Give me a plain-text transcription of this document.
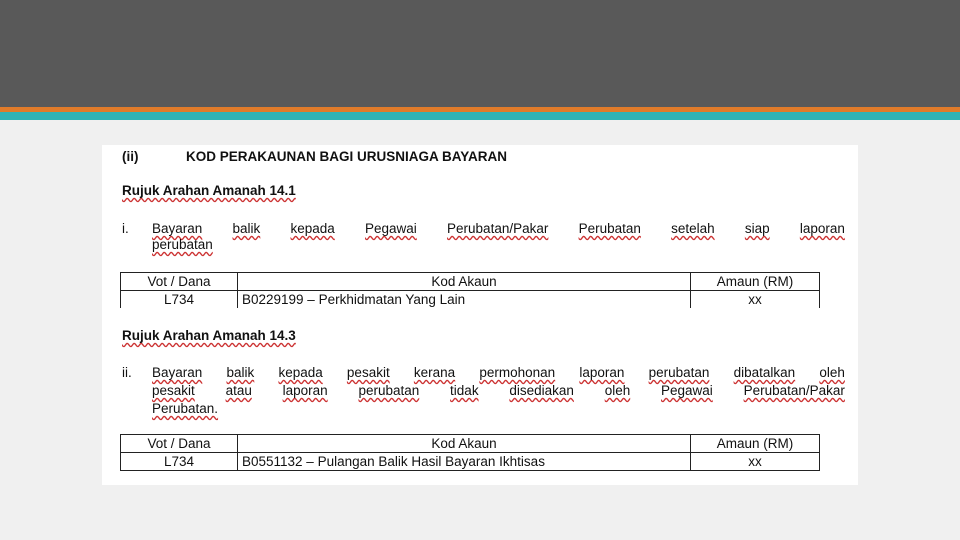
(ii)	KOD PERAKAUNAN BAGI URUSNIAGA BAYARAN
Rujuk Arahan Amanah 14.1
i. Bayaran balik kepada Pegawai Perubatan/Pakar Perubatan setelah siap laporan
perubatan
Vot / Dana	Kod Akaun	Amaun (RM)
L734	B0229199 – Perkhidmatan Yang Lain	xx
Rujuk Arahan Amanah 14.3
ii. Bayaran balik kepada pesakit kerana permohonan laporan perubatan dibatalkan oleh
pesakit atau laporan perubatan tidak disediakan oleh Pegawai Perubatan/Pakar
Perubatan.
Vot / Dana	Kod Akaun	Amaun (RM)
L734	B0551132 – Pulangan Balik Hasil Bayaran Ikhtisas	xx
